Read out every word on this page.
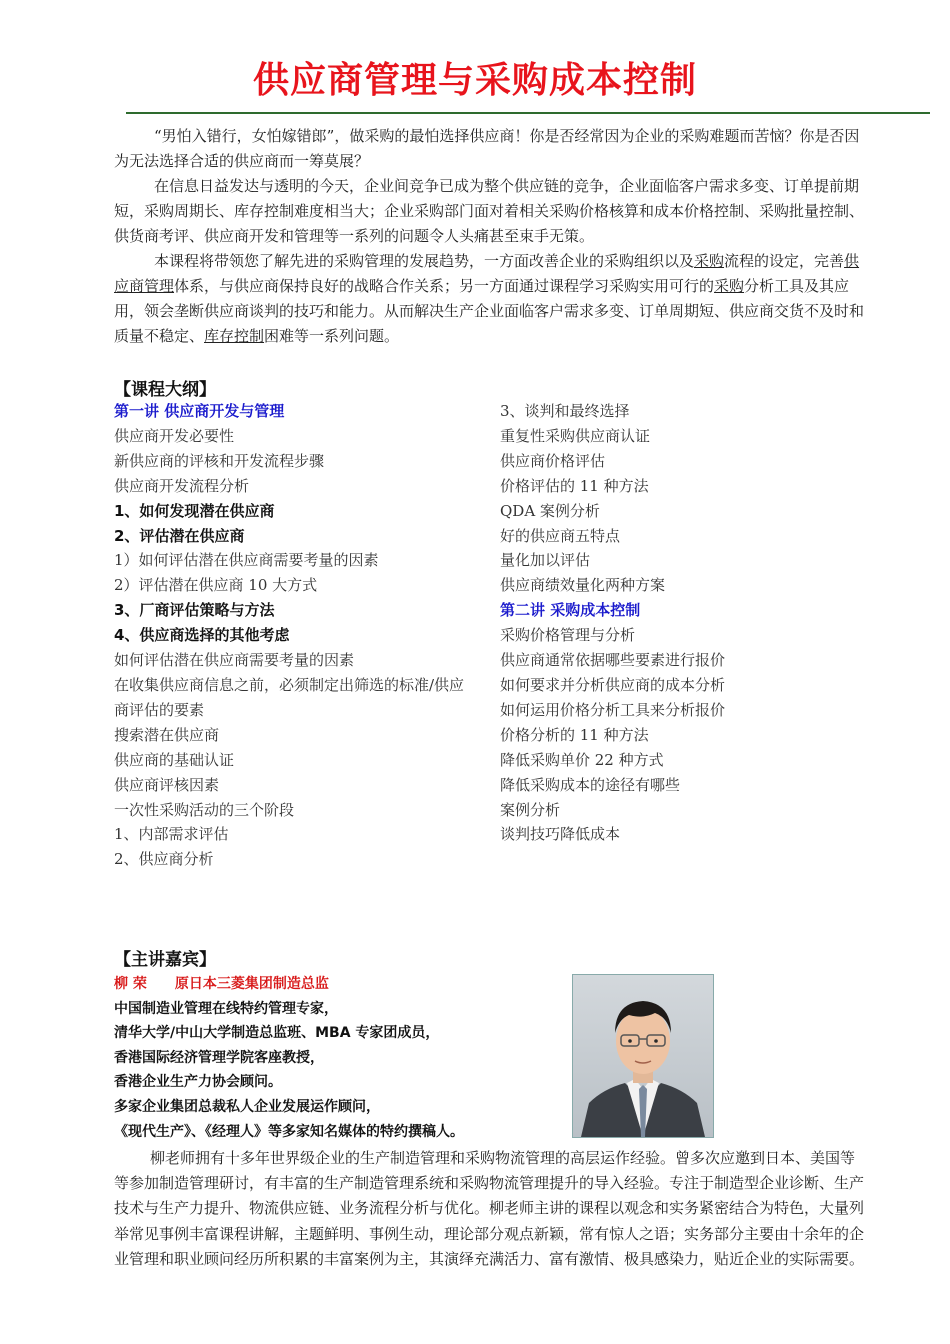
供应商管理与采购成本控制

“男怕入错行，女怕嫁错郎”，做采购的最怕选择供应商！你是否经常因为企业的采购难题而苦恼？你是否因为无法选择合适的供应商而一筹莫展？

在信息日益发达与透明的今天，企业间竞争已成为整个供应链的竞争，企业面临客户需求多变、订单提前期短，采购周期长、库存控制难度相当大；企业采购部门面对着相关采购价格核算和成本价格控制、采购批量控制、供货商考评、供应商开发和管理等一系列的问题令人头痛甚至束手无策。

本课程将带领您了解先进的采购管理的发展趋势，一方面改善企业的采购组织以及采购流程的设定，完善供应商管理体系，与供应商保持良好的战略合作关系；另一方面通过课程学习采购实用可行的采购分析工具及其应用，领会垄断供应商谈判的技巧和能力。从而解决生产企业面临客户需求多变、订单周期短、供应商交货不及时和质量不稳定、库存控制困难等一系列问题。

【课程大纲】
第一讲 供应商开发与管理
供应商开发必要性
新供应商的评核和开发流程步骤
供应商开发流程分析
1、如何发现潜在供应商
2、评估潜在供应商
1）如何评估潜在供应商需要考量的因素
2）评估潜在供应商 10 大方式
3、厂商评估策略与方法
4、供应商选择的其他考虑
如何评估潜在供应商需要考量的因素
在收集供应商信息之前，必须制定出筛选的标准/供应商评估的要素
搜索潜在供应商
供应商的基础认证
供应商评核因素
一次性采购活动的三个阶段
1、内部需求评估
2、供应商分析
3、谈判和最终选择
重复性采购供应商认证
供应商价格评估
价格评估的 11 种方法
QDA 案例分析
好的供应商五特点
量化加以评估
供应商绩效量化两种方案
第二讲 采购成本控制
采购价格管理与分析
供应商通常依据哪些要素进行报价
如何要求并分析供应商的成本分析
如何运用价格分析工具来分析报价
价格分析的 11 种方法
降低采购单价 22 种方式
降低采购成本的途径有哪些
案例分析
谈判技巧降低成本
【主讲嘉宾】
柳 荣 原日本三菱集团制造总监
中国制造业管理在线特约管理专家，
清华大学/中山大学制造总监班、MBA 专家团成员，
香港国际经济管理学院客座教授，
香港企业生产力协会顾问。
多家企业集团总裁私人企业发展运作顾问，
《现代生产》、《经理人》等多家知名媒体的特约撰稿人。

柳老师拥有十多年世界级企业的生产制造管理和采购物流管理的高层运作经验。曾多次应邀到日本、美国等等参加制造管理研讨，有丰富的生产制造管理系统和采购物流管理提升的导入经验。专注于制造型企业诊断、生产技术与生产力提升、物流供应链、业务流程分析与优化。柳老师主讲的课程以观念和实务紧密结合为特色，大量列举常见事例丰富课程讲解，主题鲜明、事例生动，理论部分观点新颖，常有惊人之语；实务部分主要由十余年的企业管理和职业顾问经历所积累的丰富案例为主，其演绎充满活力、富有激情、极具感染力，贴近企业的实际需要。
